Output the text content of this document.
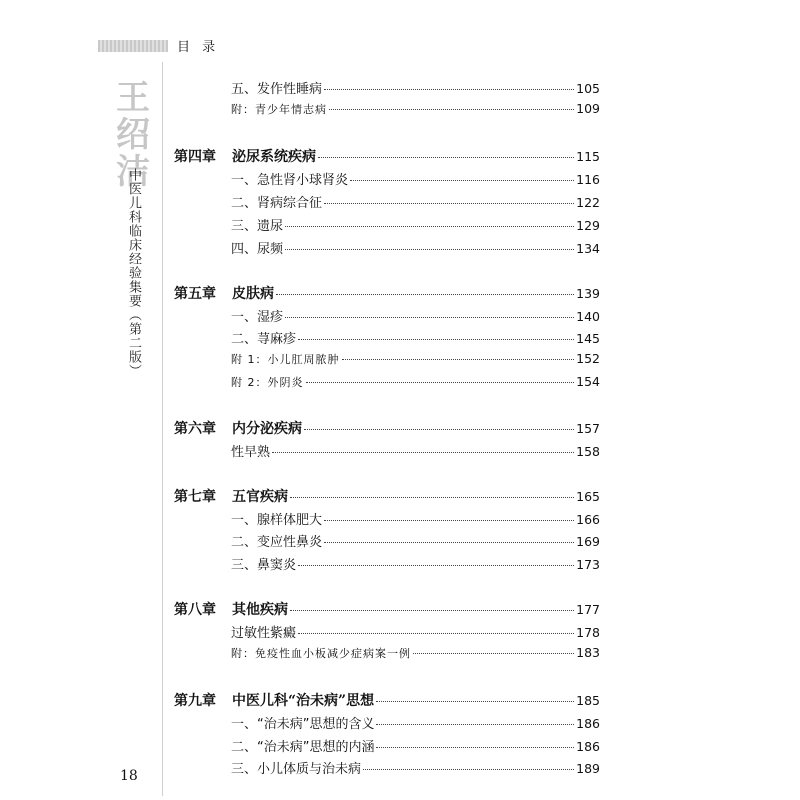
目 录
王绍洁
中医儿科临床经验集要（第二版）
五、发作性睡病	105
附：青少年情志病	109
第四章	泌尿系统疾病	115
一、急性肾小球肾炎	116
二、肾病综合征	122
三、遗尿	129
四、尿频	134
第五章	皮肤病	139
一、湿疹	140
二、荨麻疹	145
附 1：小儿肛周脓肿	152
附 2：外阴炎	154
第六章	内分泌疾病	157
性早熟	158
第七章	五官疾病	165
一、腺样体肥大	166
二、变应性鼻炎	169
三、鼻窦炎	173
第八章	其他疾病	177
过敏性紫癜	178
附：免疫性血小板减少症病案一例	183
第九章	中医儿科“治未病”思想	185
一、“治未病”思想的含义	186
二、“治未病”思想的内涵	186
三、小儿体质与治未病	189
18
